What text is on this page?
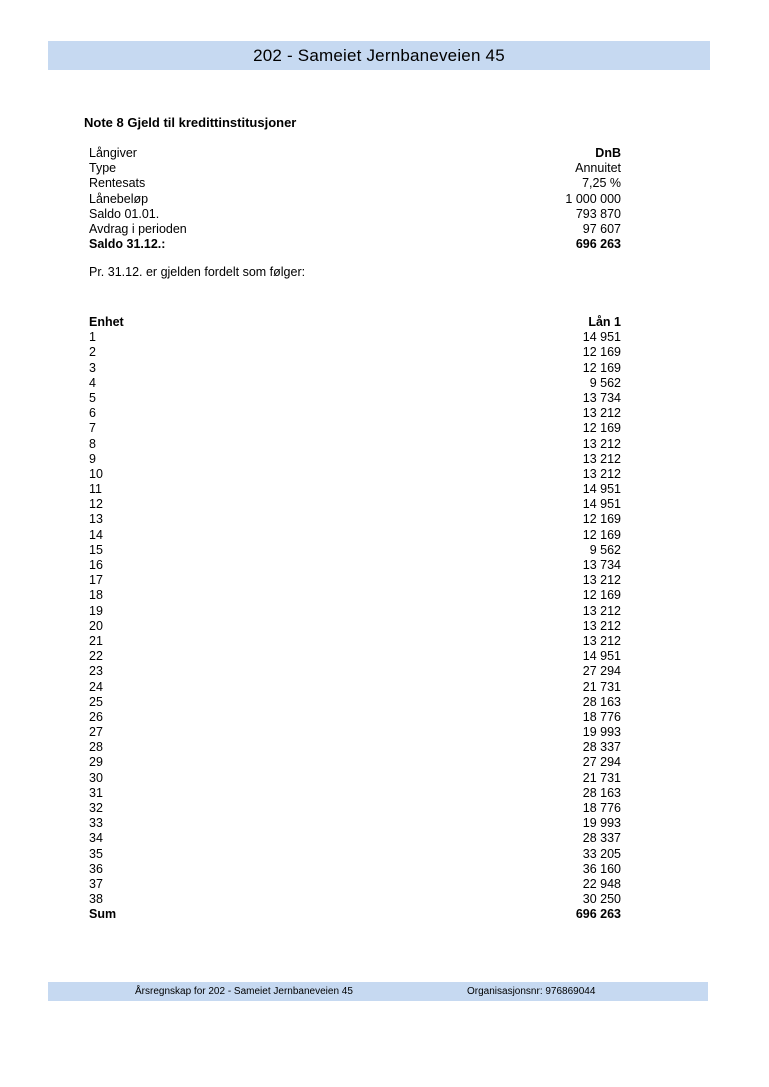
202 - Sameiet Jernbaneveien 45
Note 8 Gjeld til kredittinstitusjoner
Långiver	DnB
Type	Annuitet
Rentesats	7,25 %
Lånebeløp	1 000 000
Saldo 01.01.	793 870
Avdrag i perioden	97 607
Saldo 31.12.:	696 263
Pr. 31.12. er gjelden fordelt som følger:
Enhet	Lån 1
1	14 951
2	12 169
3	12 169
4	9 562
5	13 734
6	13 212
7	12 169
8	13 212
9	13 212
10	13 212
11	14 951
12	14 951
13	12 169
14	12 169
15	9 562
16	13 734
17	13 212
18	12 169
19	13 212
20	13 212
21	13 212
22	14 951
23	27 294
24	21 731
25	28 163
26	18 776
27	19 993
28	28 337
29	27 294
30	21 731
31	28 163
32	18 776
33	19 993
34	28 337
35	33 205
36	36 160
37	22 948
38	30 250
Sum	696 263
Årsregnskap for 202 - Sameiet Jernbaneveien 45	Organisasjonsnr: 976869044
